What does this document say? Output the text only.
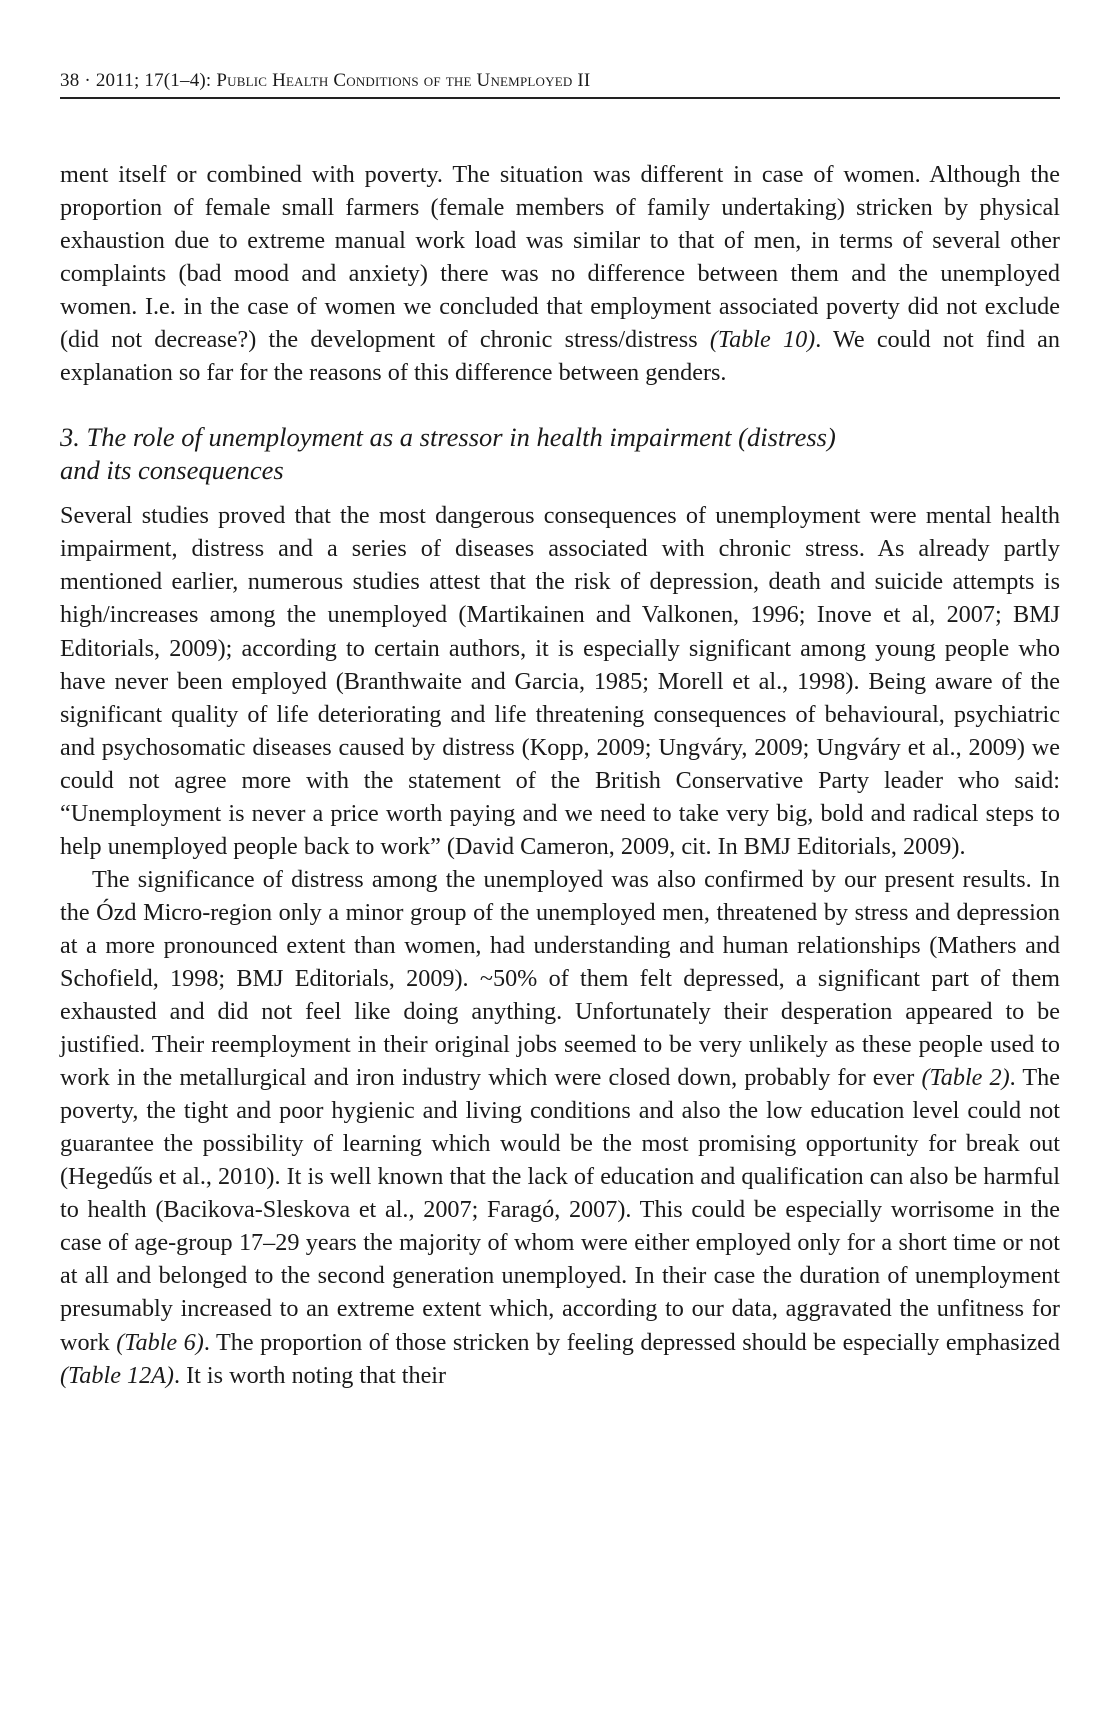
38 · 2011; 17(1–4): Public Health Conditions of the Unemployed II

ment itself or combined with poverty. The situation was different in case of women. Although the proportion of female small farmers (female members of family undertaking) stricken by physical exhaustion due to extreme manual work load was similar to that of men, in terms of several other complaints (bad mood and anxiety) there was no difference between them and the unemployed women. I.e. in the case of women we concluded that employment associated poverty did not exclude (did not decrease?) the development of chronic stress/distress (Table 10). We could not find an explanation so far for the reasons of this difference between genders.

3. The role of unemployment as a stressor in health impairment (distress)
and its consequences

Several studies proved that the most dangerous consequences of unemployment were mental health impairment, distress and a series of diseases associated with chronic stress. As already partly mentioned earlier, numerous studies attest that the risk of depression, death and suicide attempts is high/increases among the unemployed (Martikainen and Valkonen, 1996; Inove et al, 2007; BMJ Editorials, 2009); according to certain authors, it is especially significant among young people who have never been employed (Branthwaite and Garcia, 1985; Morell et al., 1998). Being aware of the significant quality of life deteriorating and life threatening consequences of behavioural, psychiatric and psychosomatic diseases caused by distress (Kopp, 2009; Ungváry, 2009; Ungváry et al., 2009) we could not agree more with the statement of the British Conservative Party leader who said: “Unemployment is never a price worth paying and we need to take very big, bold and radical steps to help unemployed people back to work” (David Cameron, 2009, cit. In BMJ Editorials, 2009).

The significance of distress among the unemployed was also confirmed by our present results. In the Ózd Micro-region only a minor group of the unemployed men, threatened by stress and depression at a more pronounced extent than women, had understanding and human relationships (Mathers and Schofield, 1998; BMJ Editorials, 2009). ~50% of them felt depressed, a significant part of them exhausted and did not feel like doing anything. Unfortunately their desperation appeared to be justified. Their reemployment in their original jobs seemed to be very unlikely as these people used to work in the metallurgical and iron industry which were closed down, probably for ever (Table 2). The poverty, the tight and poor hygienic and living conditions and also the low education level could not guarantee the possibility of learning which would be the most promising opportunity for break out (Hegedűs et al., 2010). It is well known that the lack of education and qualification can also be harmful to health (Bacikova-Sleskova et al., 2007; Faragó, 2007). This could be especially worrisome in the case of age-group 17–29 years the majority of whom were either employed only for a short time or not at all and belonged to the second generation unemployed. In their case the duration of unemployment presumably increased to an extreme extent which, according to our data, aggravated the unfitness for work (Table 6). The proportion of those stricken by feeling depressed should be especially emphasized (Table 12A). It is worth noting that their
